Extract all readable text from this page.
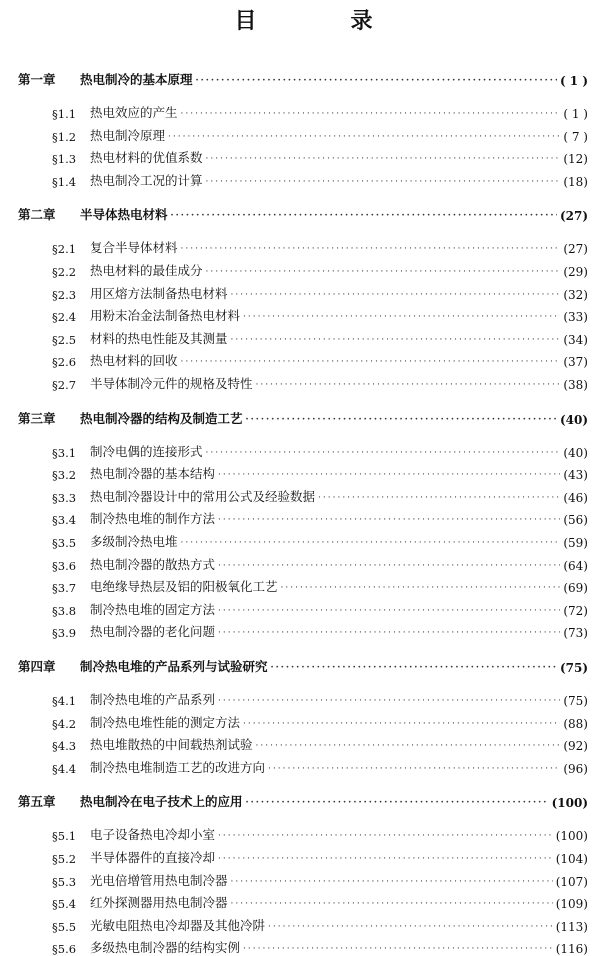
目　录
第一章	热电制冷的基本原理 ·····	( 1 )
§1.1	热电效应的产生 ·····	( 1 )
§1.2	热电制冷原理 ·····	( 7 )
§1.3	热电材料的优值系数 ·····	(12)
§1.4	热电制冷工况的计算 ·····	(18)
第二章	半导体热电材料 ·····	(27)
§2.1	复合半导体材料 ·····	(27)
§2.2	热电材料的最佳成分 ·····	(29)
§2.3	用区熔方法制备热电材料 ·····	(32)
§2.4	用粉末冶金法制备热电材料 ·····	(33)
§2.5	材料的热电性能及其测量 ·····	(34)
§2.6	热电材料的回收 ·····	(37)
§2.7	半导体制冷元件的规格及特性 ·····	(38)
第三章	热电制冷器的结构及制造工艺 ·····	(40)
§3.1	制冷电偶的连接形式 ·····	(40)
§3.2	热电制冷器的基本结构 ·····	(43)
§3.3	热电制冷器设计中的常用公式及经验数据 ·····	(46)
§3.4	制冷热电堆的制作方法 ·····	(56)
§3.5	多级制冷热电堆 ·····	(59)
§3.6	热电制冷器的散热方式 ·····	(64)
§3.7	电绝缘导热层及铝的阳极氧化工艺 ·····	(69)
§3.8	制冷热电堆的固定方法 ·····	(72)
§3.9	热电制冷器的老化问题 ·····	(73)
第四章	制冷热电堆的产品系列与试验研究 ·····	(75)
§4.1	制冷热电堆的产品系列 ·····	(75)
§4.2	制冷热电堆性能的测定方法 ·····	(88)
§4.3	热电堆散热的中间载热剂试验 ·····	(92)
§4.4	制冷热电堆制造工艺的改进方向 ·····	(96)
第五章	热电制冷在电子技术上的应用 ·····	(100)
§5.1	电子设备热电冷却小室 ·····	(100)
§5.2	半导体器件的直接冷却 ·····	(104)
§5.3	光电倍增管用热电制冷器 ·····	(107)
§5.4	红外探测器用热电制冷器 ·····	(109)
§5.5	光敏电阻热电冷却器及其他冷阱 ·····	(113)
§5.6	多级热电制冷器的结构实例 ·····	(116)
